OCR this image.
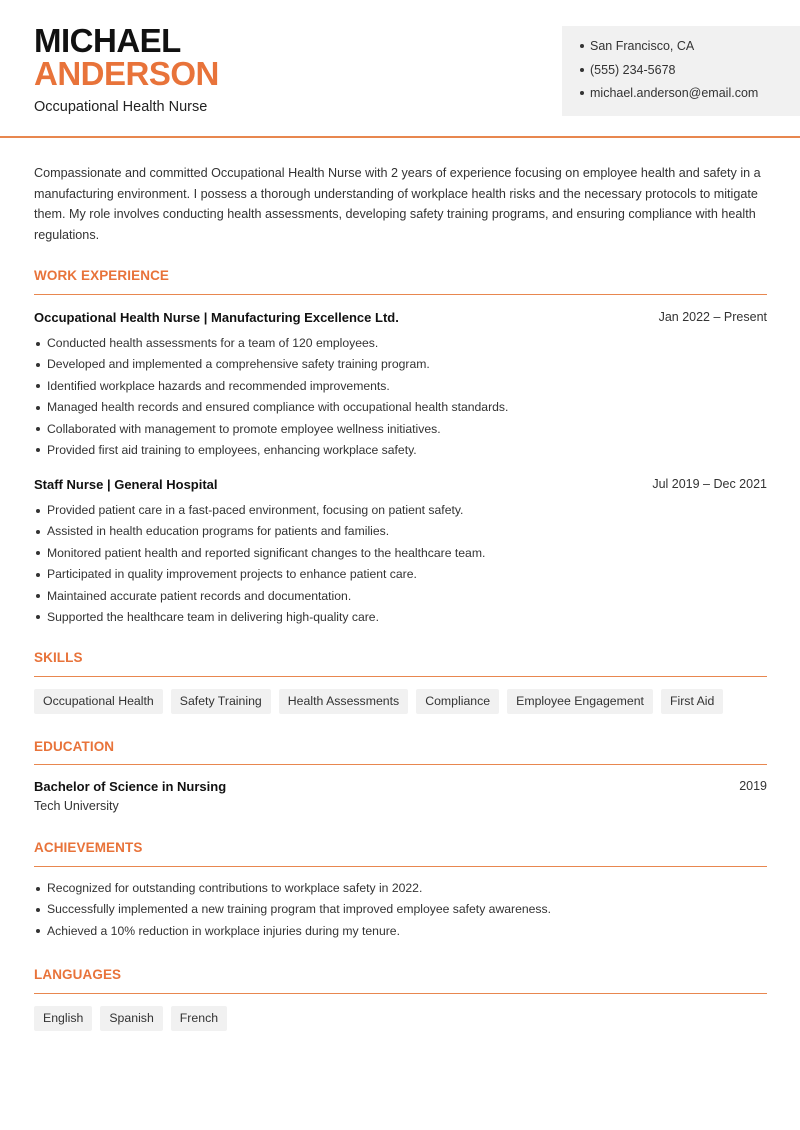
MICHAEL
ANDERSON
Occupational Health Nurse
San Francisco, CA
(555) 234-5678
michael.anderson@email.com
Compassionate and committed Occupational Health Nurse with 2 years of experience focusing on employee health and safety in a manufacturing environment. I possess a thorough understanding of workplace health risks and the necessary protocols to mitigate them. My role involves conducting health assessments, developing safety training programs, and ensuring compliance with health regulations.
WORK EXPERIENCE
Occupational Health Nurse | Manufacturing Excellence Ltd.	Jan 2022 – Present
Conducted health assessments for a team of 120 employees.
Developed and implemented a comprehensive safety training program.
Identified workplace hazards and recommended improvements.
Managed health records and ensured compliance with occupational health standards.
Collaborated with management to promote employee wellness initiatives.
Provided first aid training to employees, enhancing workplace safety.
Staff Nurse | General Hospital	Jul 2019 – Dec 2021
Provided patient care in a fast-paced environment, focusing on patient safety.
Assisted in health education programs for patients and families.
Monitored patient health and reported significant changes to the healthcare team.
Participated in quality improvement projects to enhance patient care.
Maintained accurate patient records and documentation.
Supported the healthcare team in delivering high-quality care.
SKILLS
Occupational Health	Safety Training	Health Assessments	Compliance	Employee Engagement	First Aid
EDUCATION
Bachelor of Science in Nursing	2019
Tech University
ACHIEVEMENTS
Recognized for outstanding contributions to workplace safety in 2022.
Successfully implemented a new training program that improved employee safety awareness.
Achieved a 10% reduction in workplace injuries during my tenure.
LANGUAGES
English	Spanish	French
